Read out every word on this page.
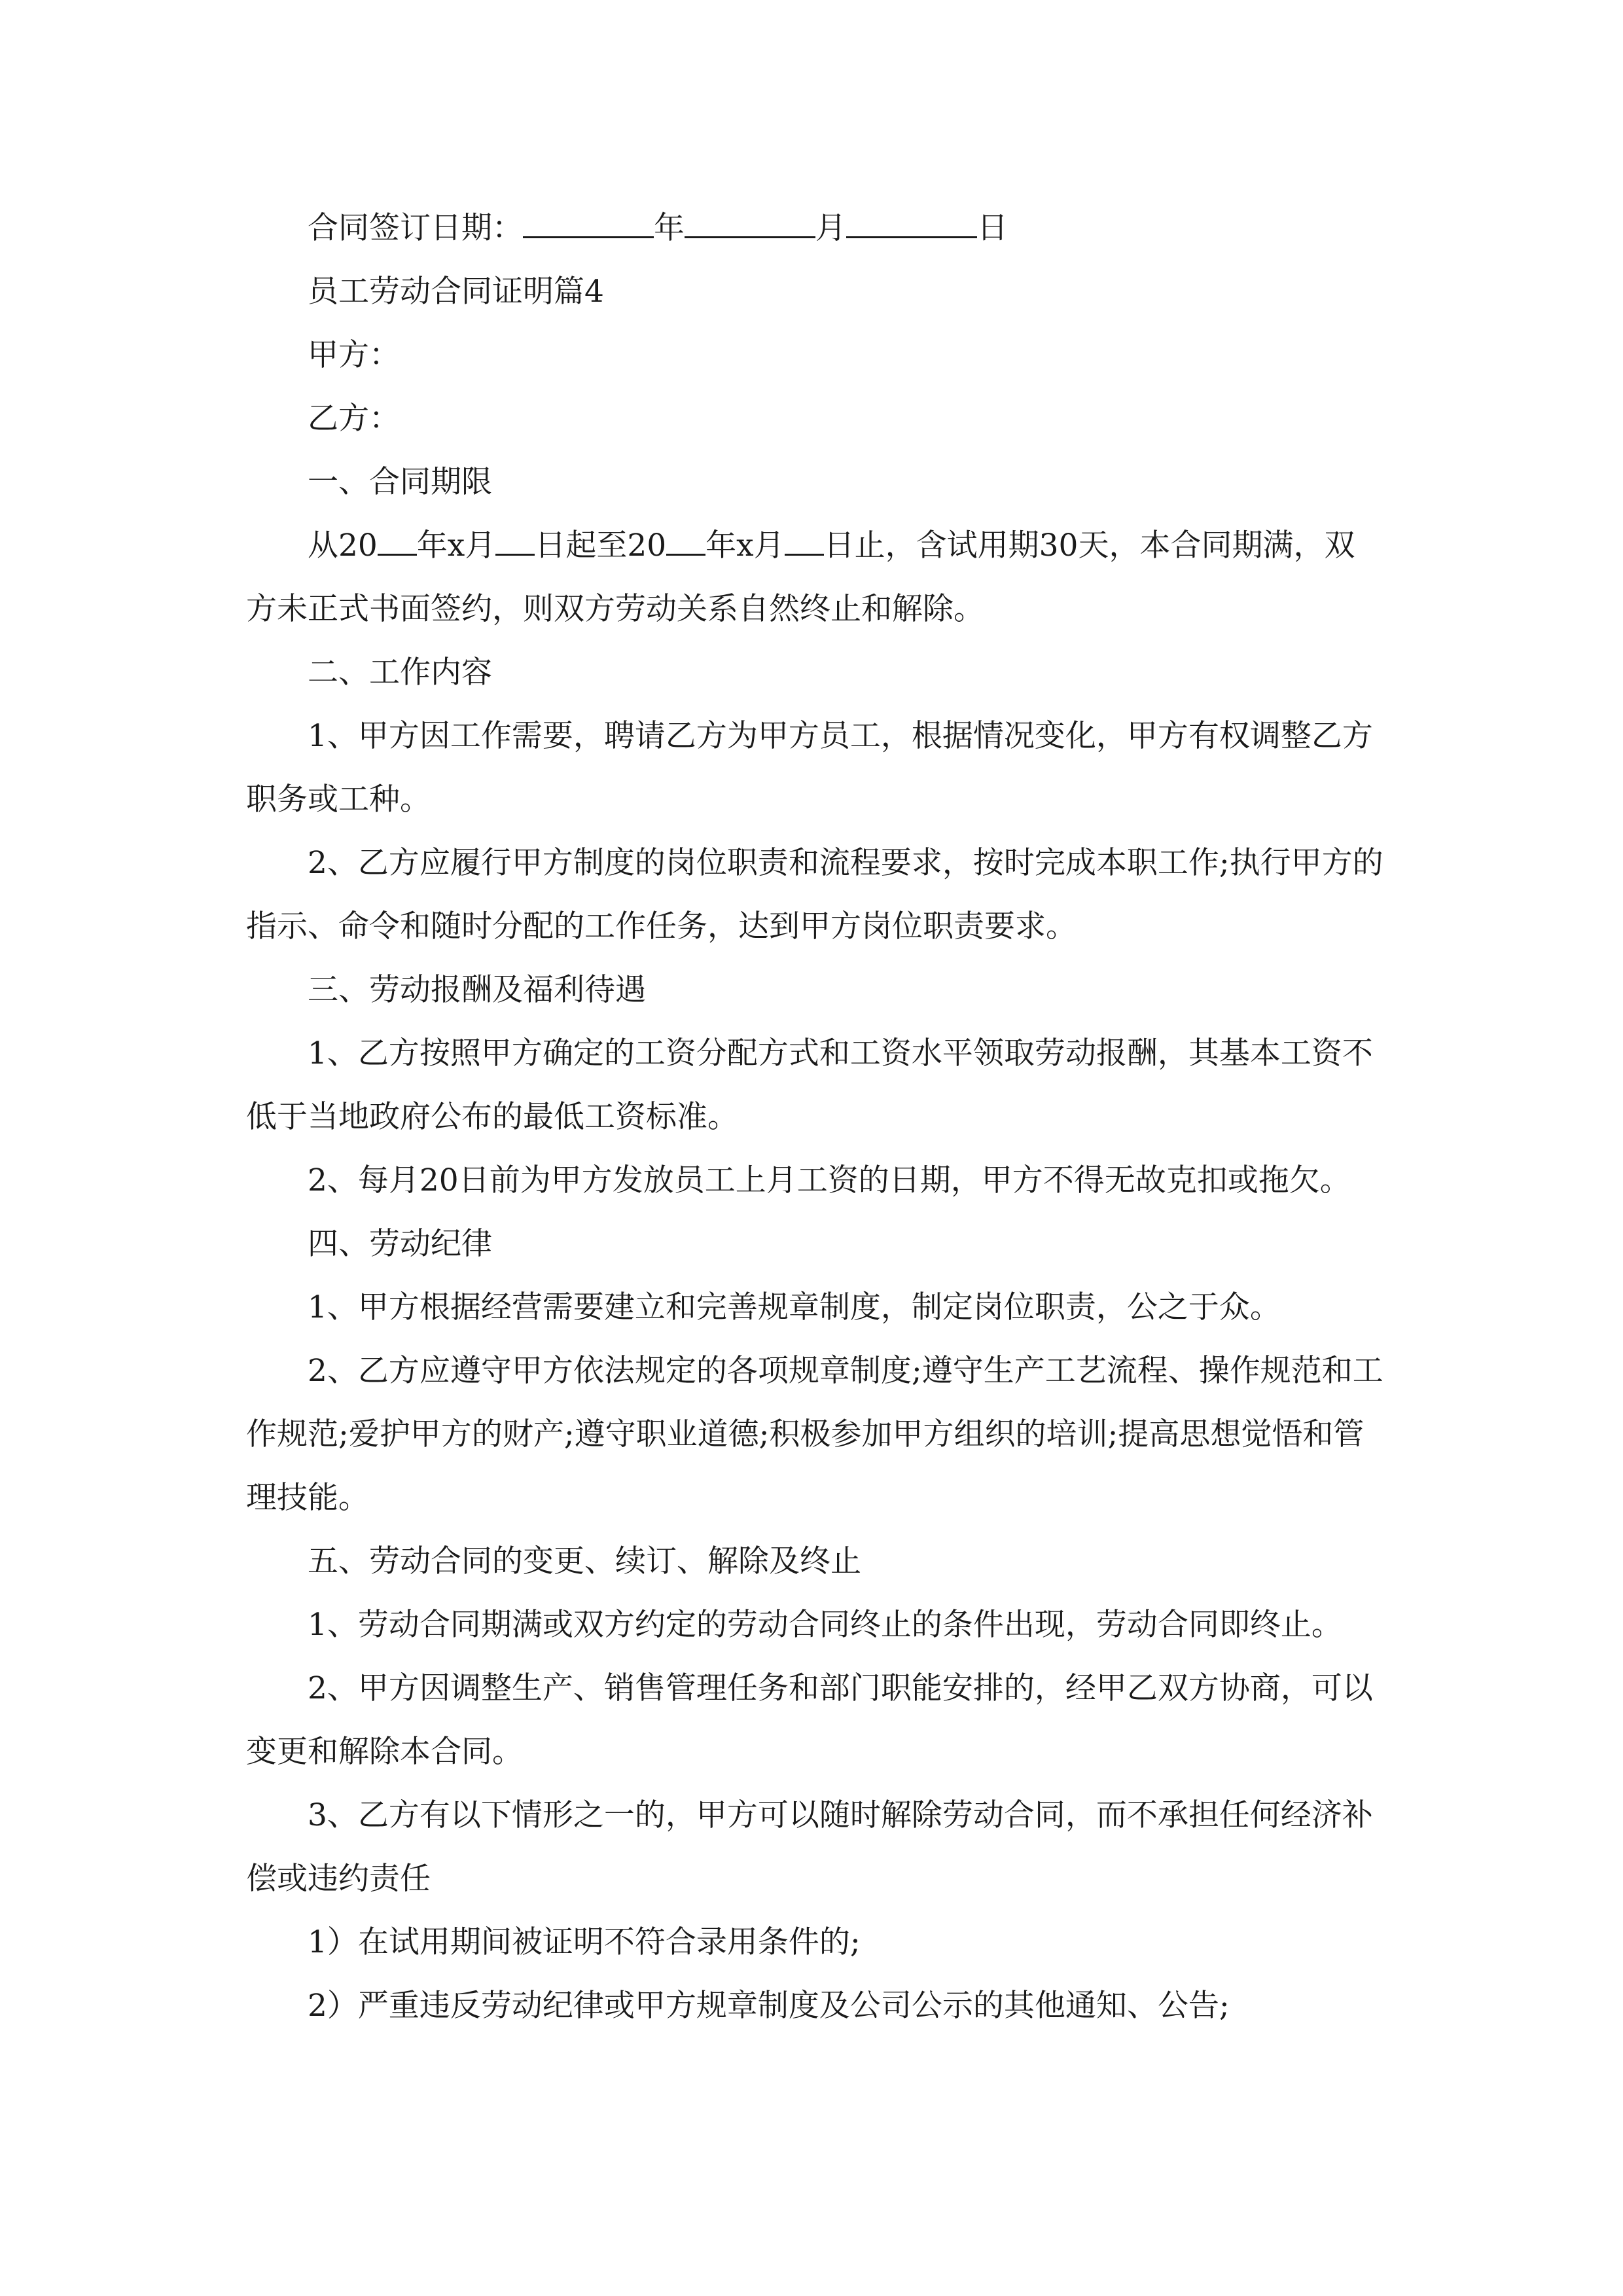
合同签订日期：	年	月	日

员工劳动合同证明篇4

甲方：

乙方：

一、合同期限

从20 年x月 日起至20 年x月 日止，含试用期30天，本合同期满，双方未正式书面签约，则双方劳动关系自然终止和解除。

二、工作内容

1、甲方因工作需要，聘请乙方为甲方员工，根据情况变化，甲方有权调整乙方职务或工种。

2、乙方应履行甲方制度的岗位职责和流程要求，按时完成本职工作;执行甲方的指示、命令和随时分配的工作任务，达到甲方岗位职责要求。

三、劳动报酬及福利待遇

1、乙方按照甲方确定的工资分配方式和工资水平领取劳动报酬，其基本工资不低于当地政府公布的最低工资标准。

2、每月20日前为甲方发放员工上月工资的日期，甲方不得无故克扣或拖欠。

四、劳动纪律

1、甲方根据经营需要建立和完善规章制度，制定岗位职责，公之于众。

2、乙方应遵守甲方依法规定的各项规章制度;遵守生产工艺流程、操作规范和工作规范;爱护甲方的财产;遵守职业道德;积极参加甲方组织的培训;提高思想觉悟和管理技能。

五、劳动合同的变更、续订、解除及终止

1、劳动合同期满或双方约定的劳动合同终止的条件出现，劳动合同即终止。

2、甲方因调整生产、销售管理任务和部门职能安排的，经甲乙双方协商，可以变更和解除本合同。

3、乙方有以下情形之一的，甲方可以随时解除劳动合同，而不承担任何经济补偿或违约责任

1）在试用期间被证明不符合录用条件的;

2）严重违反劳动纪律或甲方规章制度及公司公示的其他通知、公告;
